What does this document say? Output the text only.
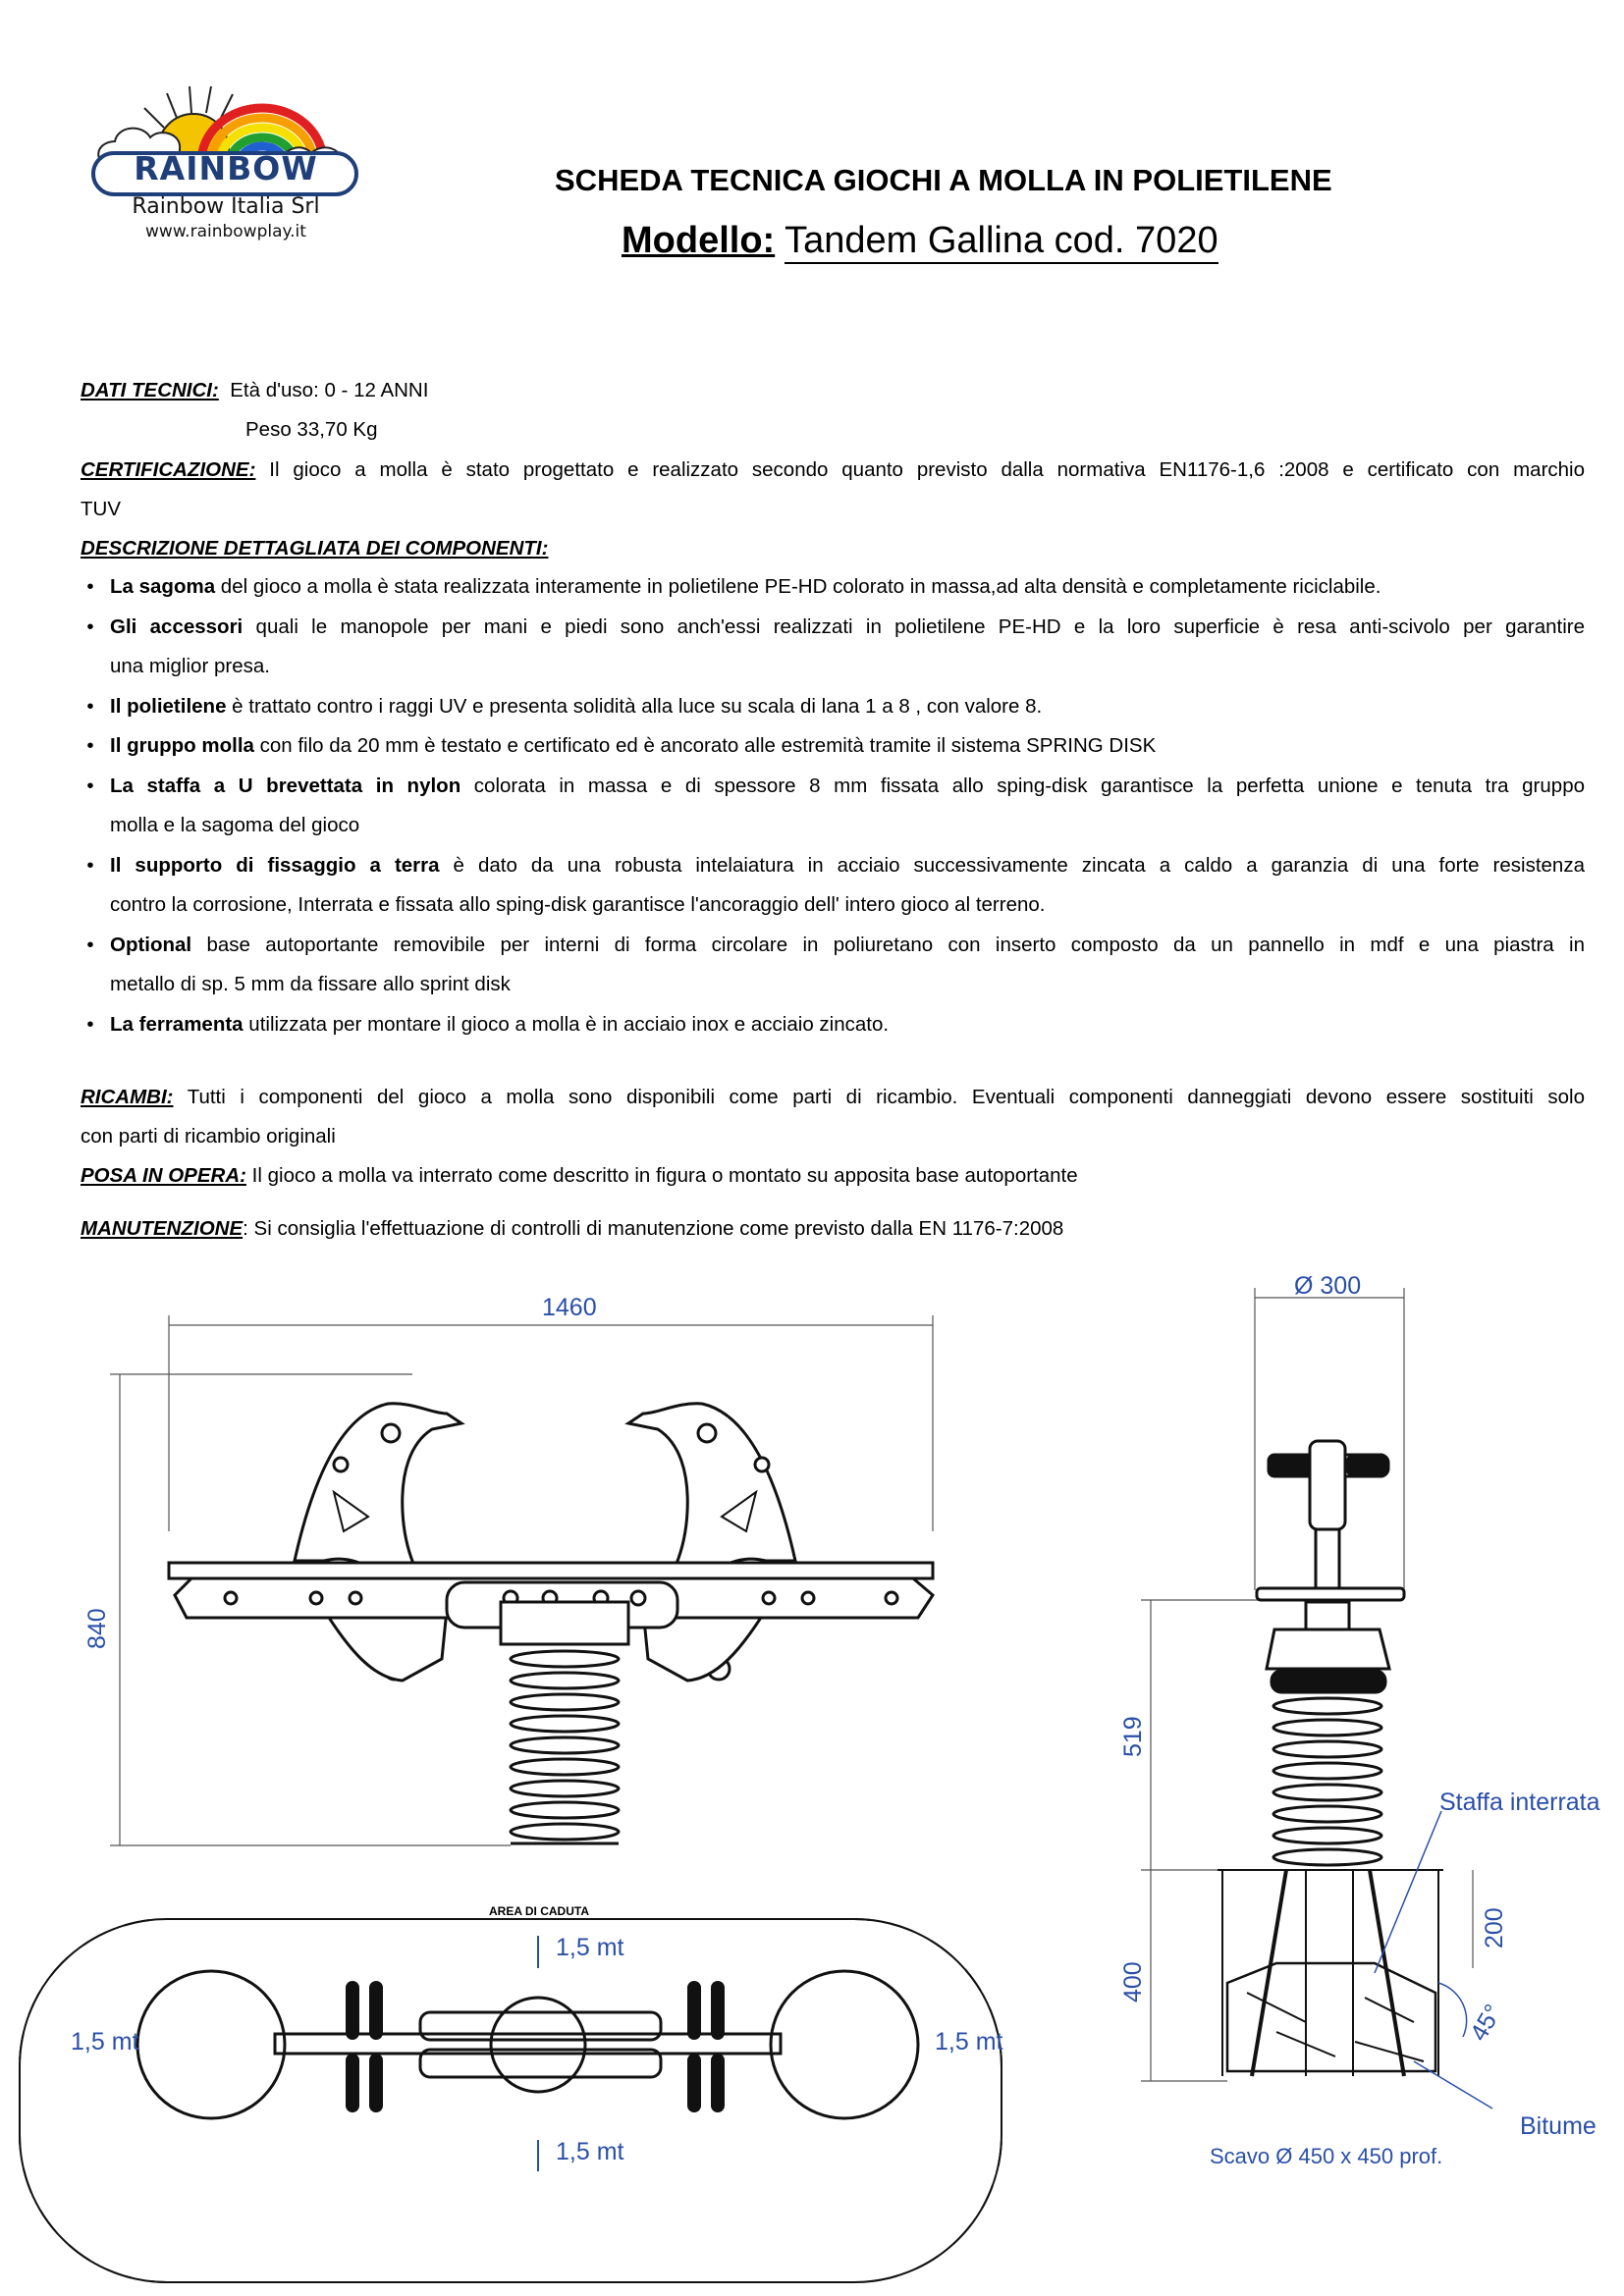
RAINBOW
Rainbow Italia Srl
www.rainbowplay.it
SCHEDA TECNICA GIOCHI A MOLLA IN POLIETILENE
Modello: Tandem Gallina cod. 7020
DATI TECNICI: Età d'uso: 0 - 12 ANNI
Peso 33,70 Kg
CERTIFICAZIONE: Il gioco a molla è stato progettato e realizzato secondo quanto previsto dalla normativa EN1176-1,6 :2008 e certificato con marchio
TUV
DESCRIZIONE DETTAGLIATA DEI COMPONENTI:
• La sagoma del gioco a molla è stata realizzata interamente in polietilene PE-HD colorato in massa,ad alta densità e completamente riciclabile.
• Gli accessori quali le manopole per mani e piedi sono anch'essi realizzati in polietilene PE-HD e la loro superficie è resa anti-scivolo per garantire
una miglior presa.
• Il polietilene è trattato contro i raggi UV e presenta solidità alla luce su scala di lana 1 a 8 , con valore 8.
• Il gruppo molla con filo da 20 mm è testato e certificato ed è ancorato alle estremità tramite il sistema SPRING DISK
• La staffa a U brevettata in nylon colorata in massa e di spessore 8 mm fissata allo sping-disk garantisce la perfetta unione e tenuta tra gruppo
molla e la sagoma del gioco
• Il supporto di fissaggio a terra è dato da una robusta intelaiatura in acciaio successivamente zincata a caldo a garanzia di una forte resistenza
contro la corrosione, Interrata e fissata allo sping-disk garantisce l'ancoraggio dell' intero gioco al terreno.
• Optional base autoportante removibile per interni di forma circolare in poliuretano con inserto composto da un pannello in mdf e una piastra in
metallo di sp. 5 mm da fissare allo sprint disk
• La ferramenta utilizzata per montare il gioco a molla è in acciaio inox e acciaio zincato.
RICAMBI: Tutti i componenti del gioco a molla sono disponibili come parti di ricambio. Eventuali componenti danneggiati devono essere sostituiti solo
con parti di ricambio originali
POSA IN OPERA: Il gioco a molla va interrato come descritto in figura o montato su apposita base autoportante
MANUTENZIONE: Si consiglia l'effettuazione di controlli di manutenzione come previsto dalla EN 1176-7:2008
1460
840
AREA DI CADUTA
1,5 mt
1,5 mt
1,5 mt	1,5 mt
Ø 300
519
400
200
45°
Staffa interrata
Bitume
Scavo Ø 450 x 450 prof.
